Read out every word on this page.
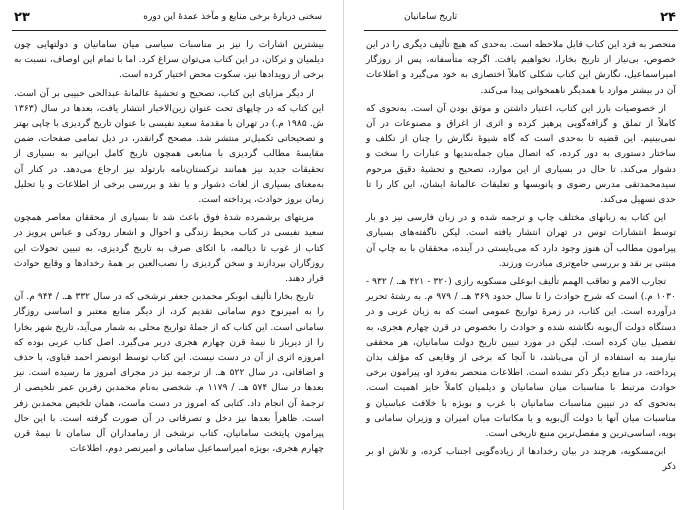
۲۳	سخنی دربارۀ برخی منابع و مآخذ عمدۀ این دوره

بیشترین اشارات را نیز بر مناسبات سیاسی میان سامانیان و دولتهایی چون دیلمیان و ترکان، در این کتاب می‌توان سراغ کرد. اما با تمام این اوصاف، نسبت به برخی از رویدادها نیز، سکوت محض اختیار کرده است.

از دیگر مزایای این کتاب، تصحیح و تحشیۀ عالمانۀ عبدالحی حبیبی بر آن است. این کتاب که در چاپهای تحت عنوان زین‌الاخبار انتشار یافت، بعدها در سال (۱۳۶۳ ش. ۱۹۸۵ م.) در تهران با مقدمۀ سعید نفیسی با عنوان تاریخ گردیزی با چاپی بهتر و تصحیحاتی تکمیل‌تر منتشر شد. مصحح گرانقدر، در ذیل تمامی صفحات، ضمن مقایسۀ مطالب گردیزی با منابعی همچون تاریخ کامل ابن‌اثیر به بسیاری از تحقیقات جدید نیز همانند ترکستان‌نامه بارتولد نیز ارجاع می‌دهد. در کنار آن به‌معنای بسیاری از لغات دشوار و یا نقد و بررسی برخی از اطلاعات و یا تحلیل زمان بروز حوادث، پرداخته است.

مزیتهای برشمرده شدۀ فوق باعث شد تا بسیاری از محققان معاصر همچون سعید نفیسی در کتاب محیط زندگی و احوال و اشعار رودکی و عباس پرویز در کتاب از غوب تا دیالمه، با اتکای صرف به تاریخ گردیزی، به تبیین تحولات این روزگاران بپردازند و سخن گردیزی را نصب‌العین بر همۀ رخدادها و وقایع حوادث قرار دهند.

تاریخ بخارا تألیف ابوبکر محمدبن جعفر نرشخی که در سال ۳۳۲ هـ. / ۹۴۴ م. آن را به امیرنوح دوم سامانی تقدیم کرد، از دیگر منابع معتبر و اساسی روزگار سامانی است. این کتاب که از جملۀ تواریخ محلی به شمار می‌آید، تاریخ شهر بخارا را از دیرباز تا نیمۀ قرن چهارم هجری دربر می‌گیرد. اصل کتاب عربی بوده که امروزه اثری از آن در دست نیست. این کتاب توسط ابونصر احمد قباوی، با حذف و اضافاتی، در سال ۵۲۲ هـ. از ترجمه نیز در مجرای امروز ما رسیده است. نیز بعدها در سال ۵۷۴ هـ. / ۱۱۷۹ م. شخصی به‌نام محمدبن زفربن عمر تلخیصی از ترجمۀ آن انجام داد. کتابی که امروز در دست ماست، همان تلخیص محمدبن زفر است. ظاهراً بعدها نیز دخل و تصرفاتی در آن صورت گرفته است. با این حال پیرامون پایتخت سامانیان، کتاب نرشخی از زمامداران آل سامان تا نیمۀ قرن چهارم هجری، بویژه امیراسماعیل سامانی و امیرنصر دوم، اطلاعات

۲۴
تاریخ سامانیان

منحصر به فرد این کتاب قابل ملاحظه است. به‌حدی که هیچ تألیف دیگری را در این خصوص، بی‌نیاز از تاریخ بخارا، نخواهیم یافت. اگرچه متأسفانه، پس از روزگار امیراسماعیل، نگارش این کتاب شکلی کاملاً اختصاری به خود می‌گیرد و اطلاعات آن در بیشتر موارد با همدیگر ناهمخوانی پیدا می‌کند.

از خصوصیات بارز این کتاب، اعتبار داشتن و موثق بودن آن است. به‌نحوی که کاملاً از تملق و گزافه‌گویی پرهیز کرده و اثری از اغراق و مصنوعات در آن نمی‌بینیم. این قضیه تا به‌حدی است که گاه شیوۀ نگارش را چنان از تکلف و ساختار دستوری به دور کرده، که اتصال میان جمله‌بندیها و عبارات را سخت و دشوار می‌کند. تا حال در بسیاری از این موارد، تصحیح و تحشیۀ دقیق مرحوم سیدمحمدتقی مدرس رضوی و پانویسها و تعلیقات عالمانۀ ایشان، این کار را تا حدی تسهیل می‌کند.

این کتاب به زبانهای مختلف چاپ و ترجمه شده و در زبان فارسی نیز دو بار توسط انتشارات توس در تهران انتشار یافته است. لیکن ناگفته‌های بسیاری پیرامون مطالب آن هنوز وجود دارد که می‌بایستی در آینده، محققان با به چاپ آن مبتنی بر نقد و بررسی جامع‌تری مبادرت ورزند.

تجارب الامم و تعاقب الهمم تألیف ابوعلی مسکویه رازی (۳۲۰ - ۴۲۱ هـ. / ۹۳۲ - ۱۰۳۰ م.) است که شرح حوادث را تا سال حدود ۳۶۹ هـ. / ۹۷۹ م. به رشتۀ تحریر درآورده است. این کتاب، در زمرۀ تواریخ عمومی است که به زبان عربی و در دستگاه دولت آل‌بویه نگاشته شده و حوادث را بخصوص در قرن چهارم هجری، به تفصیل بیان کرده است. لیکن در مورد تبیین تاریخ دولت سامانیان، هر محققی نیازمند به استفاده از آن می‌باشد، تا آنجا که برخی از وقایعی که مؤلف بدان پرداخته، در منابع دیگر ذکر نشده است. اطلاعات منحصر به‌فرد او، پیرامون برخی حوادث مرتبط با مناسبات میان سامانیان و دیلمیان کاملاً حایز اهمیت است. به‌نحوی که در تبیین مناسبات سامانیان با غرب و بویژه با خلافت عباسیان و مناسبات میان آنها با دولت آل‌بویه و یا مکاتبات میان امیران و وزیران سامانی و بویه، اساسی‌ترین و مفصل‌ترین منبع تاریخی است.

ابن‌مسکویه، هرچند در بیان رخدادها از زیاده‌گویی اجتناب کرده، و تلاش او بر ذکر
